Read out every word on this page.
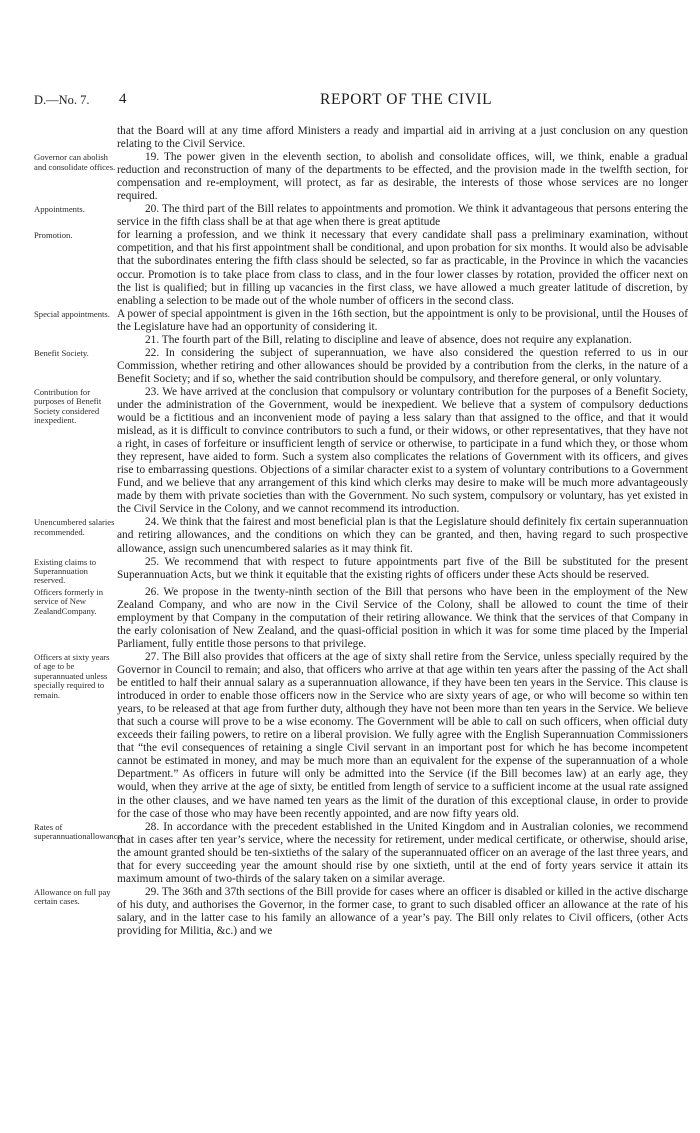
D.—No. 7. 4	REPORT OF THE CIVIL

that the Board will at any time afford Ministers a ready and impartial aid in arriving at a just conclusion on any question relating to the Civil Service.

Governor can abolish and consolidate offices.

19. The power given in the eleventh section, to abolish and consolidate offices, will, we think, enable a gradual reduction and reconstruction of many of the departments to be effected, and the provision made in the twelfth section, for compensation and re-employment, will protect, as far as desirable, the interests of those whose services are no longer required.

Appointments.	20. The third part of the Bill relates to appointments and promotion. We think it advantageous that persons entering the service in the fifth class shall be at that age when there is great aptitude

Promotion.	for learning a profession, and we think it necessary that every candidate shall pass a preliminary examination, without competition, and that his first appointment shall be conditional, and upon probation for six months. It would also be advisable that the subordinates entering the fifth class should be selected, so far as practicable, in the Province in which the vacancies occur. Promotion is to take place from class to class, and in the four lower classes by rotation, provided the officer next on the list is qualified; but in filling up vacancies in the first class, we have allowed a much greater latitude of discretion, by enabling a selection to be made out of the whole number of officers in the second class.

Special appointments. A power of special appointment is given in the 16th section, but the appointment is only to be provisional, until the Houses of the Legislature have had an opportunity of considering it.

21. The fourth part of the Bill, relating to discipline and leave of absence, does not require any explanation.

Benefit Society.	22. In considering the subject of superannuation, we have also considered the question referred to us in our Commission, whether retiring and other allowances should be provided by a contribution from the clerks, in the nature of a Benefit Society; and if so, whether the said contribution should be compulsory, and therefore general, or only voluntary.

Contribution for purposes of Benefit Society considered inexpedient.

23. We have arrived at the conclusion that compulsory or voluntary contribution for the purposes of a Benefit Society, under the administration of the Government, would be inexpedient. We believe that a system of compulsory deductions would be a fictitious and an inconvenient mode of paying a less salary than that assigned to the office, and that it would mislead, as it is difficult to convince contributors to such a fund, or their widows, or other representatives, that they have not a right, in cases of forfeiture or insufficient length of service or otherwise, to participate in a fund which they, or those whom they represent, have aided to form. Such a system also complicates the relations of Government with its officers, and gives rise to embarrassing questions. Objections of a similar character exist to a system of voluntary contributions to a Government Fund, and we believe that any arrangement of this kind which clerks may desire to make will be much more advantageously made by them with private societies than with the Government. No such system, compulsory or voluntary, has yet existed in the Civil Service in the Colony, and we cannot recommend its introduction.

Unencumbered salaries recommended.

24. We think that the fairest and most beneficial plan is that the Legislature should definitely fix certain superannuation and retiring allowances, and the conditions on which they can be granted, and then, having regard to such prospective allowance, assign such unencumbered salaries as it may think fit.

Existing claims to Superannuation reserved.

25. We recommend that with respect to future appointments part five of the Bill be substituted for the present Superannuation Acts, but we think it equitable that the existing rights of officers under these Acts should be reserved.

Officers formerly in service of New ZealandCompany.

26. We propose in the twenty-ninth section of the Bill that persons who have been in the employment of the New Zealand Company, and who are now in the Civil Service of the Colony, shall be allowed to count the time of their employment by that Company in the computation of their retiring allowance. We think that the services of that Company in the early colonisation of New Zealand, and the quasi-official position in which it was for some time placed by the Imperial Parliament, fully entitle those persons to that privilege.

Officers at sixty years of age to be superannuated unless specially required to remain.

27. The Bill also provides that officers at the age of sixty shall retire from the Service, unless specially required by the Governor in Council to remain; and also, that officers who arrive at that age within ten years after the passing of the Act shall be entitled to half their annual salary as a superannuation allowance, if they have been ten years in the Service. This clause is introduced in order to enable those officers now in the Service who are sixty years of age, or who will become so within ten years, to be released at that age from further duty, although they have not been more than ten years in the Service. We believe that such a course will prove to be a wise economy. The Government will be able to call on such officers, when official duty exceeds their failing powers, to retire on a liberal provision. We fully agree with the English Superannuation Commissioners that “the evil consequences of retaining a single Civil servant in an important post for which he has become incompetent cannot be estimated in money, and may be much more than an equivalent for the expense of the superannuation of a whole Department.” As officers in future will only be admitted into the Service (if the Bill becomes law) at an early age, they would, when they arrive at the age of sixty, be entitled from length of service to a sufficient income at the usual rate assigned in the other clauses, and we have named ten years as the limit of the duration of this exceptional clause, in order to provide for the case of those who may have been recently appointed, and are now fifty years old.

Rates of superannuationallowance.

28. In accordance with the precedent established in the United Kingdom and in Australian colonies, we recommend that in cases after ten year’s service, where the necessity for retirement, under medical certificate, or otherwise, should arise, the amount granted should be ten-sixtieths of the salary of the superannuated officer on an average of the last three years, and that for every succeeding year the amount should rise by one sixtieth, until at the end of forty years service it attain its maximum amount of two-thirds of the salary taken on a similar average.

Allowance on full pay certain cases.

29. The 36th and 37th sections of the Bill provide for cases where an officer is disabled or killed in the active discharge of his duty, and authorises the Governor, in the former case, to grant to such disabled officer an allowance at the rate of his salary, and in the latter case to his family an allowance of a year’s pay. The Bill only relates to Civil officers, (other Acts providing for Militia, &c.) and we
